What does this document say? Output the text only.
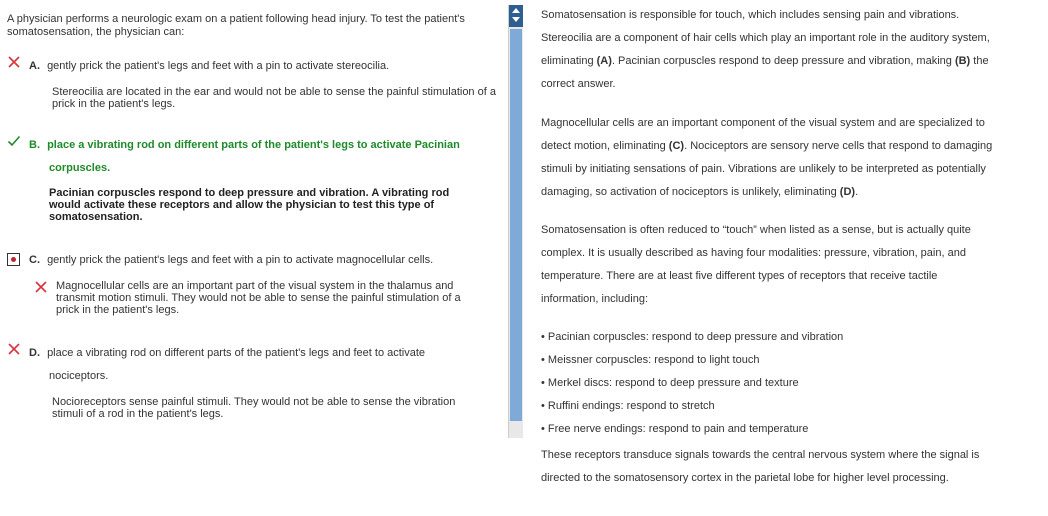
A physician performs a neurologic exam on a patient following head injury. To test the patient's somatosensation, the physician can:
A. gently prick the patient's legs and feet with a pin to activate stereocilia.
Stereocilia are located in the ear and would not be able to sense the painful stimulation of a prick in the patient's legs.
B. place a vibrating rod on different parts of the patient's legs to activate Pacinian
corpuscles.
Pacinian corpuscles respond to deep pressure and vibration. A vibrating rod would activate these receptors and allow the physician to test this type of somatosensation.
C. gently prick the patient's legs and feet with a pin to activate magnocellular cells.
Magnocellular cells are an important part of the visual system in the thalamus and transmit motion stimuli. They would not be able to sense the painful stimulation of a prick in the patient's legs.
D. place a vibrating rod on different parts of the patient's legs and feet to activate
nociceptors.
Nocioreceptors sense painful stimuli. They would not be able to sense the vibration stimuli of a rod in the patient's legs.
Somatosensation is responsible for touch, which includes sensing pain and vibrations.
Stereocilia are a component of hair cells which play an important role in the auditory system,
eliminating (A). Pacinian corpuscles respond to deep pressure and vibration, making (B) the
correct answer.
Magnocellular cells are an important component of the visual system and are specialized to
detect motion, eliminating (C). Nociceptors are sensory nerve cells that respond to damaging
stimuli by initiating sensations of pain. Vibrations are unlikely to be interpreted as potentially
damaging, so activation of nociceptors is unlikely, eliminating (D).
Somatosensation is often reduced to “touch” when listed as a sense, but is actually quite
complex. It is usually described as having four modalities: pressure, vibration, pain, and
temperature. There are at least five different types of receptors that receive tactile
information, including:
• Pacinian corpuscles: respond to deep pressure and vibration
• Meissner corpuscles: respond to light touch
• Merkel discs: respond to deep pressure and texture
• Ruffini endings: respond to stretch
• Free nerve endings: respond to pain and temperature
These receptors transduce signals towards the central nervous system where the signal is
directed to the somatosensory cortex in the parietal lobe for higher level processing.
